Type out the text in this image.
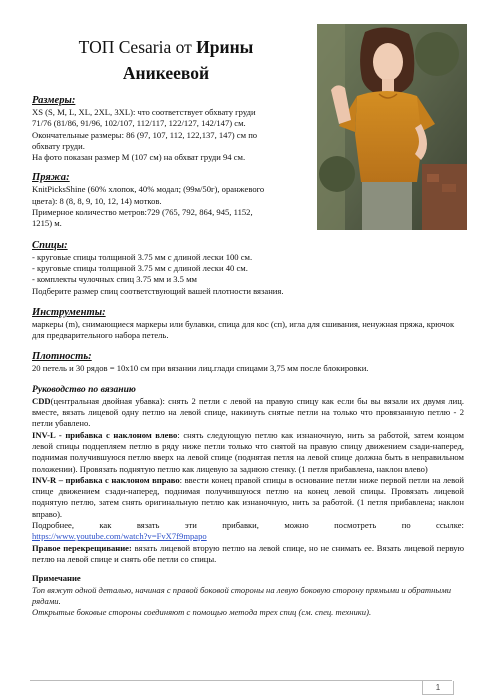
ТОП Cesaria от Ирины
Аникеевой
Размеры:
XS (S, M, L, XL, 2XL, 3XL): что соответствует обхвату груди
71/76 (81/86, 91/96, 102/107, 112/117, 122/127, 142/147) см.
Окончательные размеры: 86 (97, 107, 112, 122,137, 147) см по
обхвату груди.
На фото показан размер M (107 см) на обхват груди 94 см.
Пряжа:
KnitPicksShine (60% хлопок, 40% модал; (99м/50г), оранжевого
цвета): 8 (8, 8, 9, 10, 12, 14) мотков.
Примерное количество метров:729 (765, 792, 864, 945, 1152,
1215) м.
Спицы:
- круговые спицы толщиной 3.75 мм с длиной лески 100 см.
- круговые спицы толщиной 3.75 мм с длиной лески 40 см.
- комплекты чулочных спиц 3.75 мм и 3.5 мм
Подберите размер спиц соответствующий вашей плотности вязания.
Инструменты:
маркеры (m), снимающиеся маркеры или булавки, спица для кос (сп), игла для сшивания, ненужная пряжа, крючок для предварительного набора петель.
Плотность:
20 петель и 30 рядов = 10x10 см при вязании лиц.глади спицами 3,75 мм после блокировки.
Руководство по вязанию
CDD(центральная двойная убавка): снять 2 петли с левой на правую спицу как если бы вы вязали их двумя лиц. вместе, вязать лицевой одну петлю на левой спице, накинуть снятые петли на только что провязанную петлю - 2 петли убавлено.
INV-L - прибавка с наклоном влево: снять следующую петлю как изнаночную, нить за работой, затем концом левой спицы подцепляем петлю в ряду ниже петли только что снятой на правую спицу движением сзади-наперед, поднимая получившуюся петлю вверх на левой спице (поднятая петля на левой спице должна быть в неправильном положении). Провязать поднятую петлю как лицевую за заднюю стенку. (1 петля прибавлена, наклон влево)
INV-R – прибавка с наклоном вправо: ввести конец правой спицы в основание петли ниже первой петли на левой спице движением сзади-наперед, поднимая получившуюся петлю на конец левой спицы. Провязать лицевой поднятую петлю, затем снять оригинальную петлю как изнаночную, нить за работой. (1 петля прибавлена; наклон вправо).
Подробнее,	как	вязать	эти	прибавки,	можно	посмотреть	по	ссылке:
https://www.youtube.com/watch?v=FvX7f9mpapo
Правое перекрещивание: вязать лицевой вторую петлю на левой спице, но не снимать ее. Вязать лицевой первую петлю на левой спице и снять обе петли со спицы.
Примечание
Топ вяжут одной деталью, начиная с правой боковой стороны на левую боковую сторону прямыми и обратными рядами.
Открытые боковые стороны соединяют с помощью метода трех спиц (см. спец. техники).
1
